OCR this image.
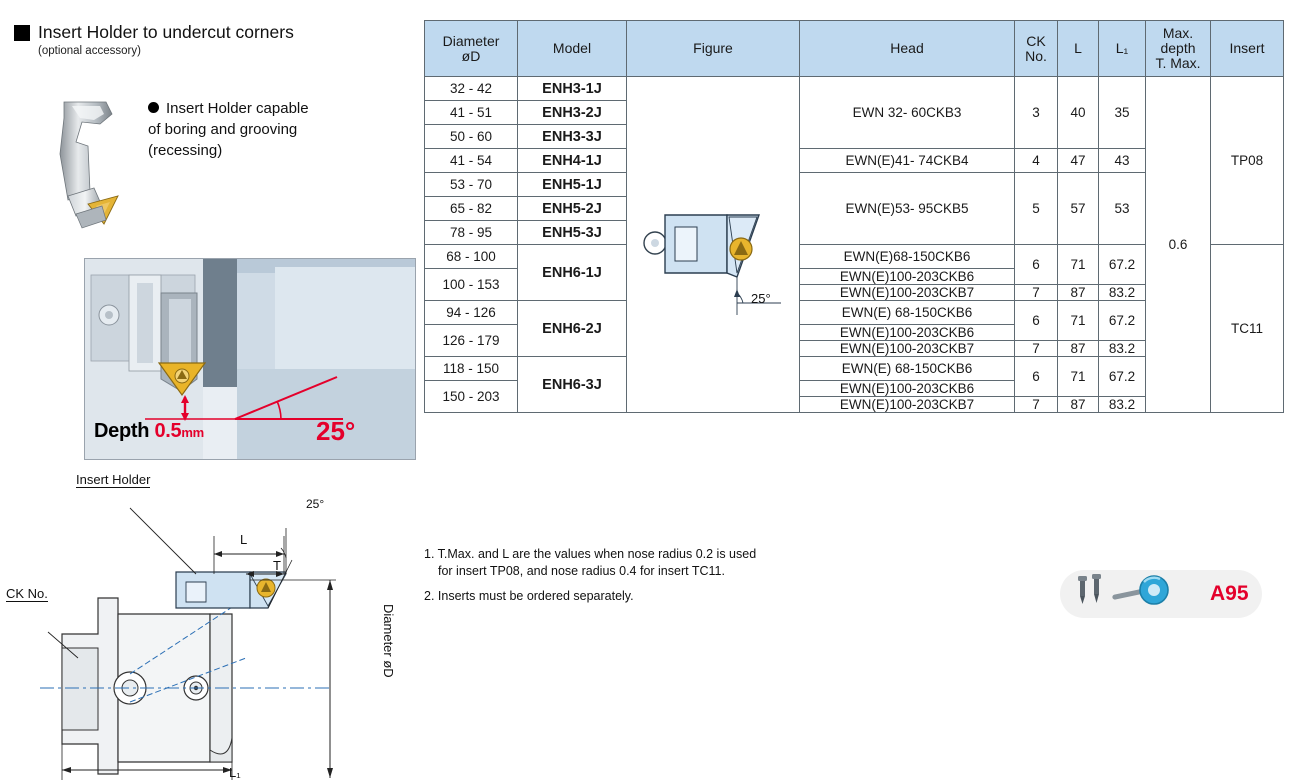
Insert Holder to undercut corners
(optional accessory)
Insert Holder capable
of boring and grooving
(recessing)
Depth 0.5mm	25°
Insert Holder
CK No.
L
T
L₁
25°
Diameter øD
Diameter
øD	Model	Figure	Head	CK
No.	L	L₁	Max.
depth
T. Max.	Insert
32 - 42	ENH3-1J	25°	EWN 32- 60CKB3	3	40	35	0.6	TP08
41 - 51	ENH3-2J							
50 - 60	ENH3-3J							
41 - 54	ENH4-1J		EWN(E)41- 74CKB4	4	47	43		
53 - 70	ENH5-1J		EWN(E)53- 95CKB5	5	57	53		
65 - 82	ENH5-2J							
78 - 95	ENH5-3J							
68 - 100	ENH6-1J		EWN(E)68-150CKB6	6	71	67.2		TC11
100 - 153			EWN(E)100-203CKB6					
			EWN(E)100-203CKB7	7	87	83.2		
94 - 126	ENH6-2J		EWN(E) 68-150CKB6	6	71	67.2		
126 - 179			EWN(E)100-203CKB6					
			EWN(E)100-203CKB7	7	87	83.2		
118 - 150	ENH6-3J		EWN(E) 68-150CKB6	6	71	67.2		
150 - 203			EWN(E)100-203CKB6					
			EWN(E)100-203CKB7	7	87	83.2		

1. T.Max. and L are the values when nose radius 0.2 is used
for insert TP08, and nose radius 0.4 for insert TC11.

2. Inserts must be ordered separately.	A95
